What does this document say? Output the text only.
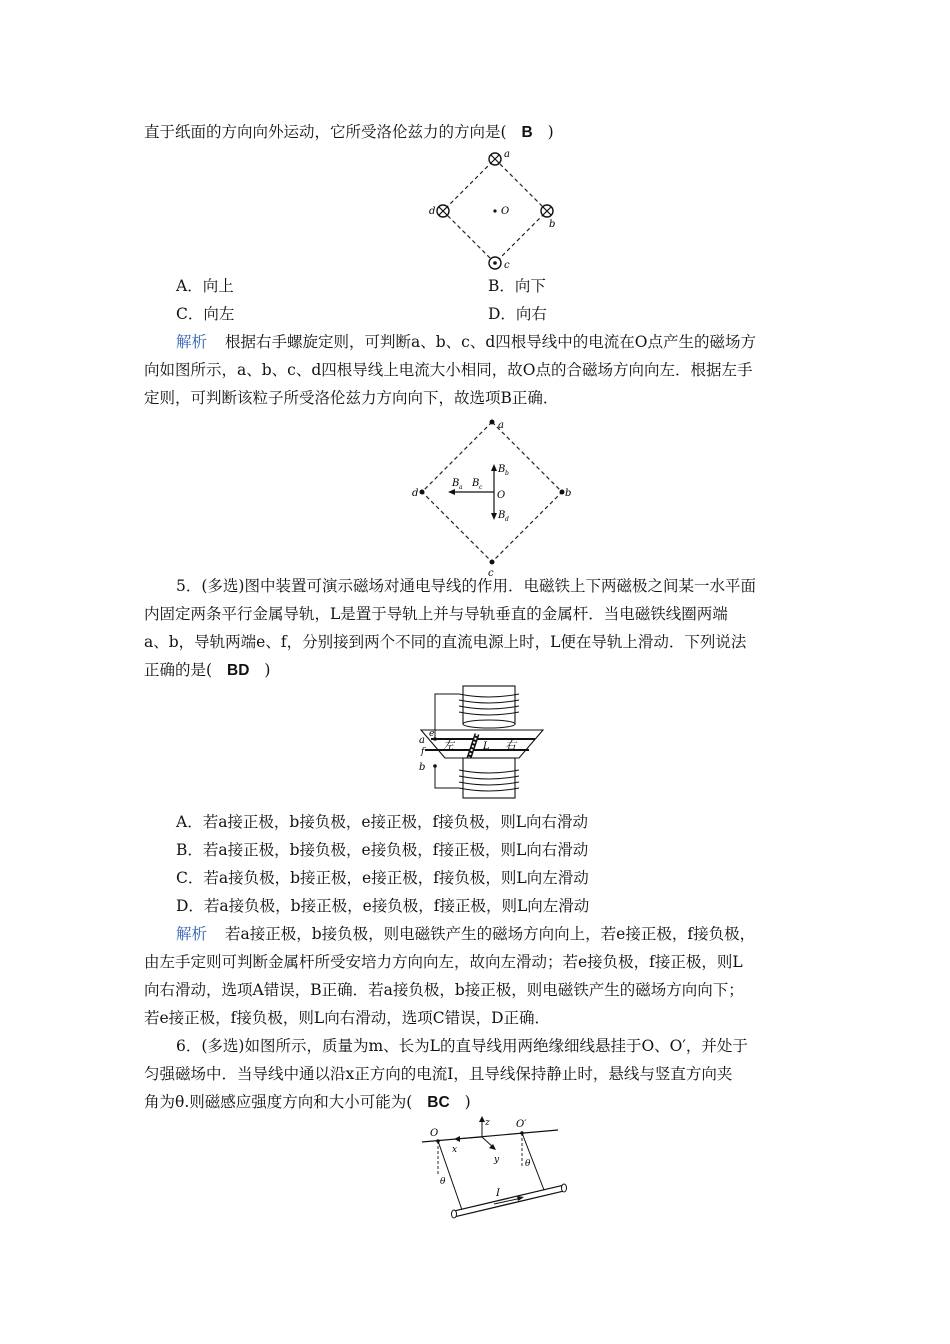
直于纸面的方向向外运动，它所受洛伦兹力的方向是( B )
a
b
c
d	O
A．向上	B．向下
C．向左	D．向右
解析 根据右手螺旋定则，可判断a、b、c、d四根导线中的电流在O点产生的磁场方
向如图所示，a、b、c、d四根导线上电流大小相同，故O点的合磁场方向向左．根据左手
定则，可判断该粒子所受洛伦兹力方向向下，故选项B正确．
a
b
c
d	O
B a B c
B b
B d
5．(多选)图中装置可演示磁场对通电导线的作用．电磁铁上下两磁极之间某一水平面
内固定两条平行金属导轨，L是置于导轨上并与导轨垂直的金属杆．当电磁铁线圈两端
a、b，导轨两端e、f，分别接到两个不同的直流电源上时，L便在导轨上滑动．下列说法
正确的是( BD )
a
b
e
f 左	L 右
A．若a接正极，b接负极，e接正极，f接负极，则L向右滑动
B．若a接正极，b接负极，e接负极，f接正极，则L向右滑动
C．若a接负极，b接正极，e接正极，f接负极，则L向左滑动
D．若a接负极，b接正极，e接负极，f接正极，则L向左滑动
解析 若a接正极，b接负极，则电磁铁产生的磁场方向向上，若e接正极，f接负极，
由左手定则可判断金属杆所受安培力方向向左，故向左滑动；若e接负极，f接正极，则L
向右滑动，选项A错误，B正确．若a接负极，b接正极，则电磁铁产生的磁场方向向下；
若e接正极，f接负极，则L向右滑动，选项C错误，D正确．
6．(多选)如图所示，质量为m、长为L的直导线用两绝缘细线悬挂于O、O′，并处于
匀强磁场中．当导线中通以沿x正方向的电流I，且导线保持静止时，悬线与竖直方向夹
角为θ.则磁感应强度方向和大小可能为( BC )
O
O′
x
y
z
I
θ
θ
